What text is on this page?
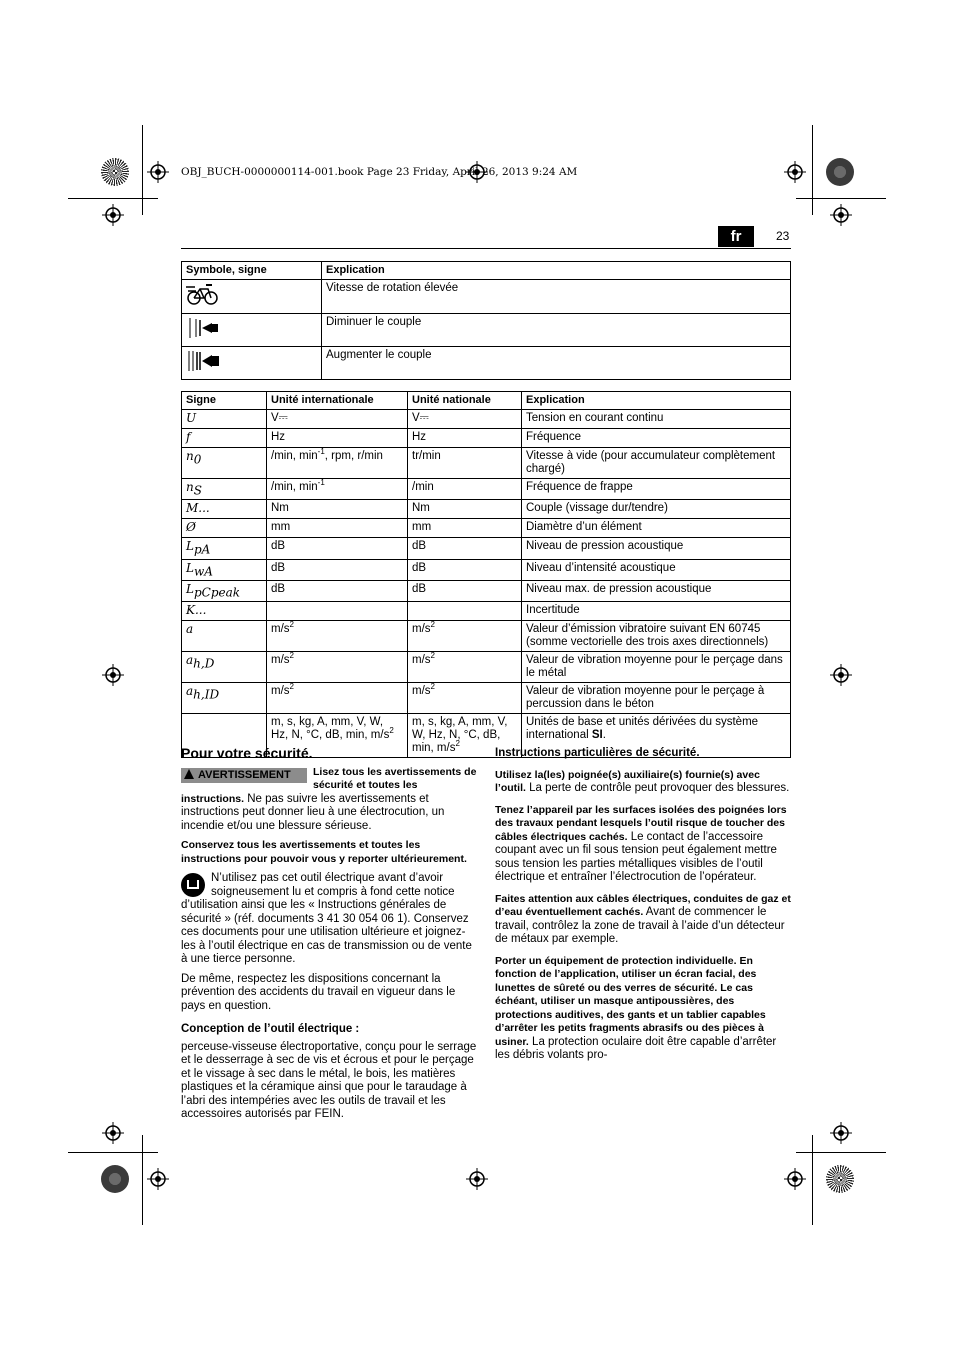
OBJ_BUCH-0000000114-001.book Page 23 Friday, April 26, 2013 9:24 AM
fr	23
Symbole, signe	Explication
	Vitesse de rotation élevée
	Diminuer le couple
	Augmenter le couple
Signe	Unité internationale	Unité nationale	Explication
U	V⎓	V⎓	Tension en courant continu
f	Hz	Hz	Fréquence
$n_0$	/min, $\min^{-1}$, rpm, r/min	tr/min	Vitesse à vide (pour accumulateur complètement chargé)
$n_S$	/min, $\min^{-1}$	/min	Fréquence de frappe
M...	Nm	Nm	Couple (vissage dur/tendre)
Ø	mm	mm	Diamètre d’un élément
$L_{pA}$	dB	dB	Niveau de pression acoustique
$L_{wA}$	dB	dB	Niveau d’intensité acoustique
$L_{pCpeak}$	dB	dB	Niveau max. de pression acoustique
K...			Incertitude
a	$m/s^2$	$m/s^2$	Valeur d’émission vibratoire suivant EN 60745 (somme vectorielle des trois axes directionnels)
$a_{h,D}$	$m/s^2$	$m/s^2$	Valeur de vibration moyenne pour le perçage dans le métal
$a_{h,ID}$	$m/s^2$	$m/s^2$	Valeur de vibration moyenne pour le perçage à percussion dans le béton
	m, s, kg, A, mm, V, W, Hz, N, °C, dB, min, $m/s^2$	m, s, kg, A, mm, V, W, Hz, N, °C, dB, min, $m/s^2$	Unités de base et unités dérivées du système international SI.
Pour votre sécurité.
AVERTISSEMENT	Lisez tous les avertissements de sécurité et toutes les instructions. Ne pas suivre les avertissements et instructions peut donner lieu à une électrocution, un incendie et/ou une blessure sérieuse.

Conservez tous les avertissements et toutes les instructions pour pouvoir vous y reporter ultérieurement.

N’utilisez pas cet outil électrique avant d’avoir soigneusement lu et compris à fond cette notice d’utilisation ainsi que les « Instructions générales de sécurité » (réf. documents 3 41 30 054 06 1). Conservez ces documents pour une utilisation ultérieure et joignez-les à l’outil électrique en cas de transmission ou de vente à une tierce personne.

De même, respectez les dispositions concernant la prévention des accidents du travail en vigueur dans le pays en question.

Conception de l’outil électrique :

perceuse-visseuse électroportative, conçu pour le serrage et le desserrage à sec de vis et écrous et pour le perçage et le vissage à sec dans le métal, le bois, les matières plastiques et la céramique ainsi que pour le taraudage à l’abri des intempéries avec les outils de travail et les accessoires autorisés par FEIN.

Instructions particulières de sécurité.

Utilisez la(les) poignée(s) auxiliaire(s) fournie(s) avec l’outil. La perte de contrôle peut provoquer des blessures.

Tenez l’appareil par les surfaces isolées des poignées lors des travaux pendant lesquels l’outil risque de toucher des câbles électriques cachés. Le contact de l’accessoire coupant avec un fil sous tension peut également mettre sous tension les parties métalliques visibles de l’outil électrique et entraîner l’électrocution de l’opérateur.

Faites attention aux câbles électriques, conduites de gaz et d’eau éventuellement cachés. Avant de commencer le travail, contrôlez la zone de travail à l’aide d’un détecteur de métaux par exemple.

Porter un équipement de protection individuelle. En fonction de l’application, utiliser un écran facial, des lunettes de sûreté ou des verres de sécurité. Le cas échéant, utiliser un masque antipoussières, des protections auditives, des gants et un tablier capables d’arrêter les petits fragments abrasifs ou des pièces à usiner. La protection oculaire doit être capable d’arrêter les débris volants pro-
